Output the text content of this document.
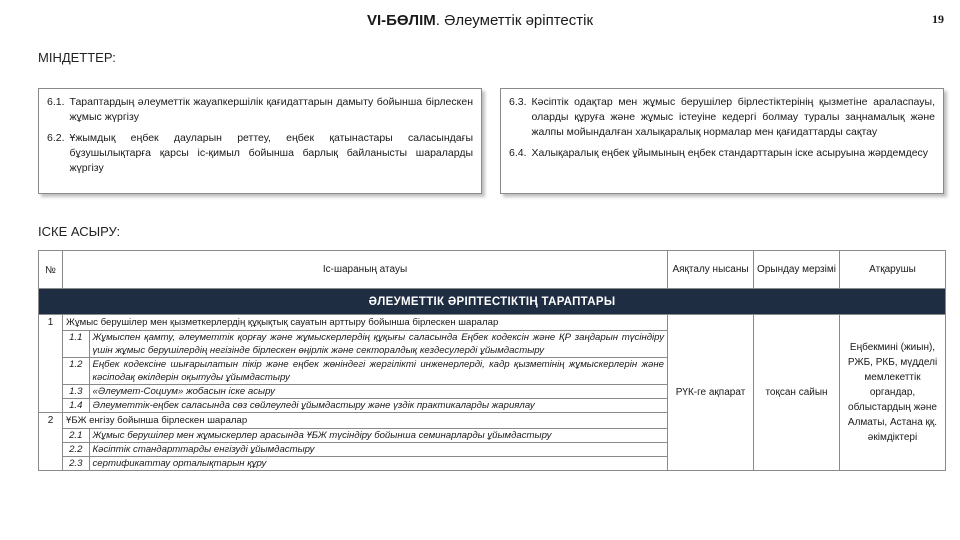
VI-БӨЛІМ. Әлеуметтік әріптестік	19
МІНДЕТТЕР:
6.1. Тараптардың әлеуметтік жауапкершілік қағидаттарын дамыту бойынша бірлескен жұмыс жүргізу
6.2. Ұжымдық еңбек дауларын реттеу, еңбек қатынастары саласындағы бұзушылықтарға қарсы іс-қимыл бойынша барлық байланысты шараларды жүргізу
6.3. Кәсіптік одақтар мен жұмыс берушілер бірлестіктерінің қызметіне араласпауы, оларды құруға және жұмыс істеуіне кедергі болмау туралы заңнамалық және жалпы мойындалған халықаралық нормалар мен қағидаттарды сақтау
6.4. Халықаралық еңбек ұйымының еңбек стандарттарын іске асыруына жәрдемдесу
ІСКЕ АСЫРУ:
№	Іс-шараның атауы	Аяқталу нысаны	Орындау мерзімі	Атқарушы
ӘЛЕУМЕТТІК ӘРІПТЕСТІКТІҢ ТАРАПТАРЫ
1	Жұмыс берушілер мен қызметкерлердің құқықтық сауатын арттыру бойынша бірлескен шаралар
1.1	Жұмыспен қамту, әлеуметтік қорғау және жұмыскерлердің құқығы саласында Еңбек кодексін және ҚР заңдарын түсіндіру үшін жұмыс берушілердің негізінде бірлескен өңірлік және секторалдық кездесулерді ұйымдастыру
1.2	Еңбек кодексіне шығарылатын пікір және еңбек жөніндегі жергілікті инженерлерді, кадр қызметінің жұмыскерлерін және кәсіподақ өкілдерін оқытуды ұйымдастыру
1.3	«Әлеумет-Социум» жобасын іске асыру
1.4	Әлеуметтік-еңбек саласында сөз сөйлеуледі ұйымдастыру және үздік практикаларды жариялау
	РҮК-ге ақпарат	тоқсан сайын	Еңбекмині (жиын), РЖБ, РКБ, мүдделі мемлекеттік органдар, облыстардың және Алматы, Астана ққ. әкімдіктері
2	ҰБЖ енгізу бойынша бірлескен шаралар
2.1	Жұмыс берушілер мен жұмыскерлер арасында ҰБЖ түсіндіру бойынша семинарларды ұйымдастыру
2.2	Кәсіптік стандарттарды енгізуді ұйымдастыру
2.3	сертификаттау орталықтарын құру
